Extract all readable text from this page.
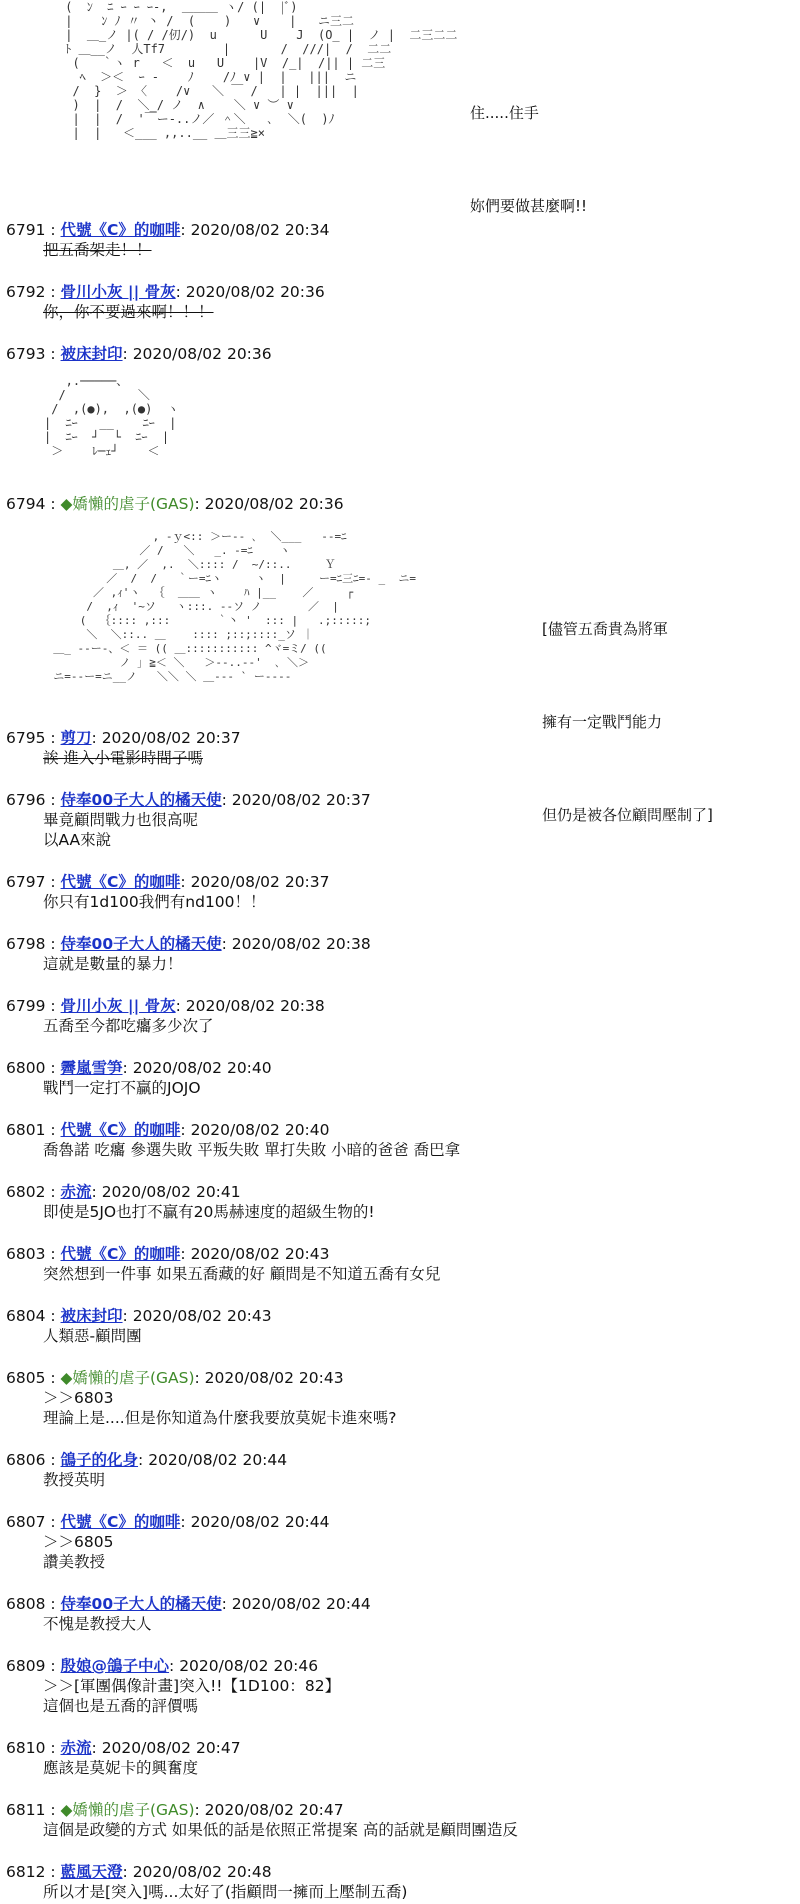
(  ﾝ  ﾆ ｰ ｰ ｰ-,  ＿＿＿ ヽ/ (|  |ﾞ)
|    ﾝ ﾉ 〃 丶 /  (    )   ∨    |   ニ三二
|  ＿_ノ |( / /仞/)  u      U    J  (O_ |  ノ |  二三二二
ﾄ ＿__ノ  人Tf7        |       /  ///|  /  二二
(   ｀ヽ r   ＜  u   U    |V  /_|  /|| | 二三
ﾍ  ＞＜  ｰ -    ﾉ    /ﾉ ∨ |  |   |||  ニ
/  }  ＞ 〈    /∨   ＼ ￣ /   | |  |||  |
)  |  /  ＼_/ ノ  ∧    ＼ ∨ ︶ ∨
|  |  /  '￣ー-..ノ／ ＾＼   ､  ＼(  )ﾉ
|  |   ＜___ ,,..__ ＿三三≧×

住.....住手

妳們要做甚麼啊!!

6791 : 代號《C》的咖啡: 2020/08/02 20:34
把五喬架走！！
6792 : 骨川小灰 || 骨灰: 2020/08/02 20:36
你，你不要過來啊！！！
6793 : 被床封印: 2020/08/02 20:36
6794 : ◆嬌懶的虐子(GAS): 2020/08/02 20:36
6795 : 剪刀: 2020/08/02 20:37
誒 進入小電影時間子嗎
6796 : 侍奉00子大人的橘天使: 2020/08/02 20:37
畢竟顧問戰力也很高呢
以AA來說
6797 : 代號《C》的咖啡: 2020/08/02 20:37
你只有1d100我們有nd100！！
6798 : 侍奉00子大人的橘天使: 2020/08/02 20:38
這就是數量的暴力！
6799 : 骨川小灰 || 骨灰: 2020/08/02 20:38
五喬至今都吃癟多少次了
6800 : 霽嵐雪笋: 2020/08/02 20:40
戰鬥一定打不贏的JOJO
6801 : 代號《C》的咖啡: 2020/08/02 20:40
喬魯諾 吃癟 參選失敗 平叛失敗 單打失敗 小暗的爸爸 喬巴拿
6802 : 赤流: 2020/08/02 20:41
即使是5JO也打不贏有20馬赫速度的超級生物的!
6803 : 代號《C》的咖啡: 2020/08/02 20:43
突然想到一件事 如果五喬藏的好 顧問是不知道五喬有女兒
6804 : 被床封印: 2020/08/02 20:43
人類惡-顧問團
6805 : ◆嬌懶的虐子(GAS): 2020/08/02 20:43
＞＞6803
理論上是....但是你知道為什麼我要放莫妮卡進來嗎?
6806 : 鴿子的化身: 2020/08/02 20:44
教授英明
6807 : 代號《C》的咖啡: 2020/08/02 20:44
＞＞6805
讚美教授
6808 : 侍奉00子大人的橘天使: 2020/08/02 20:44
不愧是教授大人
6809 : 殷娘@鴿子中心: 2020/08/02 20:46
＞＞[軍團偶像計畫]突入!!【1D100：82】
這個也是五喬的評價嗎
6810 : 赤流: 2020/08/02 20:47
應該是莫妮卡的興奮度
6811 : ◆嬌懶的虐子(GAS): 2020/08/02 20:47
這個是政變的方式 如果低的話是依照正常提案 高的話就是顧問團造反
6812 : 藍風天澄: 2020/08/02 20:48
所以才是[突入]嗎...太好了(指顧問一擁而上壓制五喬)
,.─────、
/          ＼
/  ,(●),  ,(●)  ヽ
|  ﾆｰ   __    ﾆｰ  |
|  ﾆｰ  ┘  └  ﾆｰ  |
＞    ﾚ─ｪ┘    ＜
, -ｙ<:: ＞ー‐- ､  ＼___   -‐=ﾆ
／ /   ＼   _. -=ﾆ    ヽ
＿, ／  ,.  ＼:::: /  ~/::..     Ｙ
／  /  /   ｀ー=ﾆヽ     ヽ  |     ー=ﾆ三ﾆ=- _  ニ=
／ ,ｨ'ヽ  ｛  ＿＿ ヽ    ﾊ |__    ／     ┌
/  ,ｨ  '~ソ   ヽ:::. -‐ソ ノ       ／  |
(  ｛:::: ,:::       ｀丶 '  ::: |   .;:::::;
＼  ＼::.. ＿    :::: ;::;::::_ソ ｜
＿_ --ー-、＜ ＝ (( ＿::::::::::: ^ヾ=ミ/ ((
ノ ｣ ≧＜ ＼   ＞--..-‐'  ､ ＼＞
ニ=--ー=ニ__ノ   ＼＼ ＼ ＿--- ` ー----

[儘管五喬貴為將軍

擁有一定戰鬥能力

但仍是被各位顧問壓制了]
